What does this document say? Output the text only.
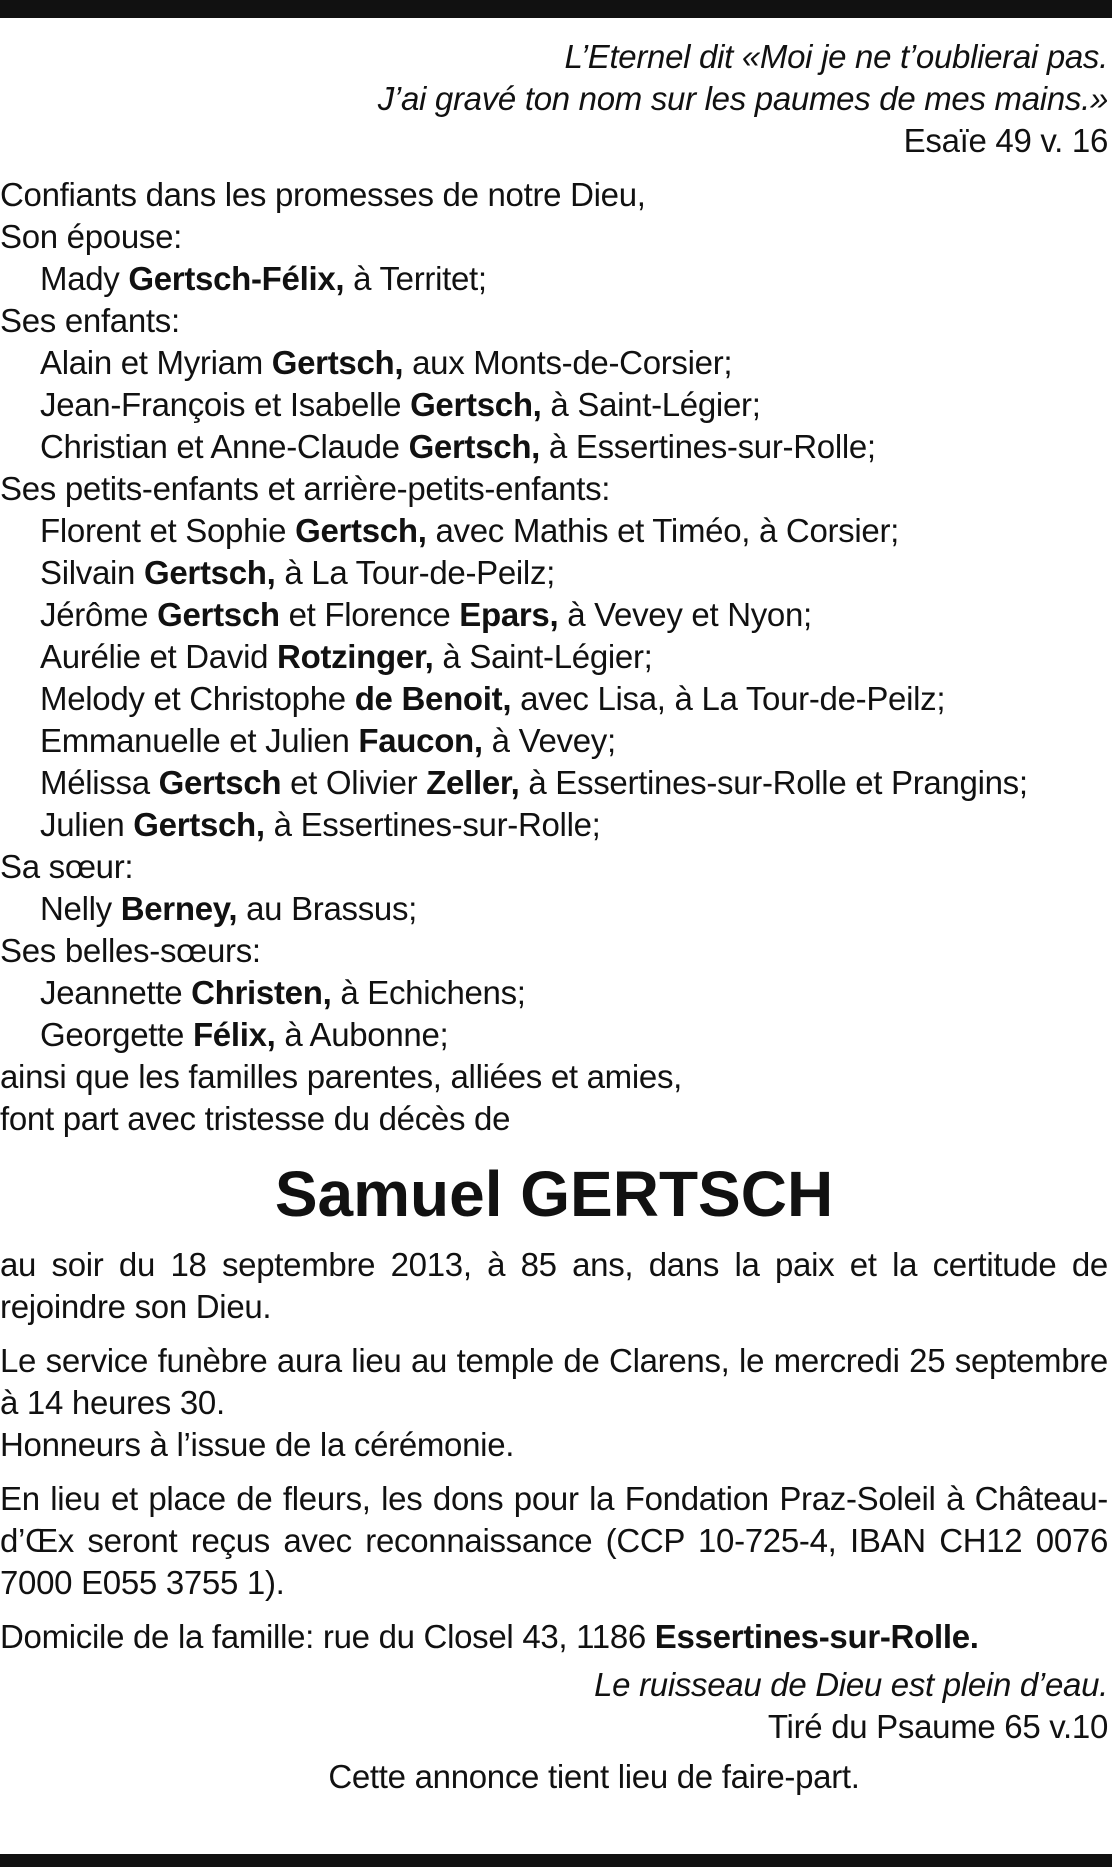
L’Eternel dit «Moi je ne t’oublierai pas.
J’ai gravé ton nom sur les paumes de mes mains.»
Esaïe 49 v. 16
Confiants dans les promesses de notre Dieu,
Son épouse:
Mady Gertsch-Félix, à Territet;
Ses enfants:
Alain et Myriam Gertsch, aux Monts-de-Corsier;
Jean-François et Isabelle Gertsch, à Saint-Légier;
Christian et Anne-Claude Gertsch, à Essertines-sur-Rolle;
Ses petits-enfants et arrière-petits-enfants:
Florent et Sophie Gertsch, avec Mathis et Timéo, à Corsier;
Silvain Gertsch, à La Tour-de-Peilz;
Jérôme Gertsch et Florence Epars, à Vevey et Nyon;
Aurélie et David Rotzinger, à Saint-Légier;
Melody et Christophe de Benoit, avec Lisa, à La Tour-de-Peilz;
Emmanuelle et Julien Faucon, à Vevey;
Mélissa Gertsch et Olivier Zeller, à Essertines-sur-Rolle et Prangins;
Julien Gertsch, à Essertines-sur-Rolle;
Sa sœur:
Nelly Berney, au Brassus;
Ses belles-sœurs:
Jeannette Christen, à Echichens;
Georgette Félix, à Aubonne;
ainsi que les familles parentes, alliées et amies,
font part avec tristesse du décès de
Samuel GERTSCH
au soir du 18 septembre 2013, à 85 ans, dans la paix et la certitude de rejoindre son Dieu.
Le service funèbre aura lieu au temple de Clarens, le mercredi 25 septembre à 14 heures 30.
Honneurs à l’issue de la cérémonie.
En lieu et place de fleurs, les dons pour la Fondation Praz-Soleil à Château-d’Œx seront reçus avec reconnaissance (CCP 10-725-4, IBAN CH12 0076 7000 E055 3755 1).
Domicile de la famille: rue du Closel 43, 1186 Essertines-sur-Rolle.
Le ruisseau de Dieu est plein d’eau.
Tiré du Psaume 65 v.10
Cette annonce tient lieu de faire-part.
